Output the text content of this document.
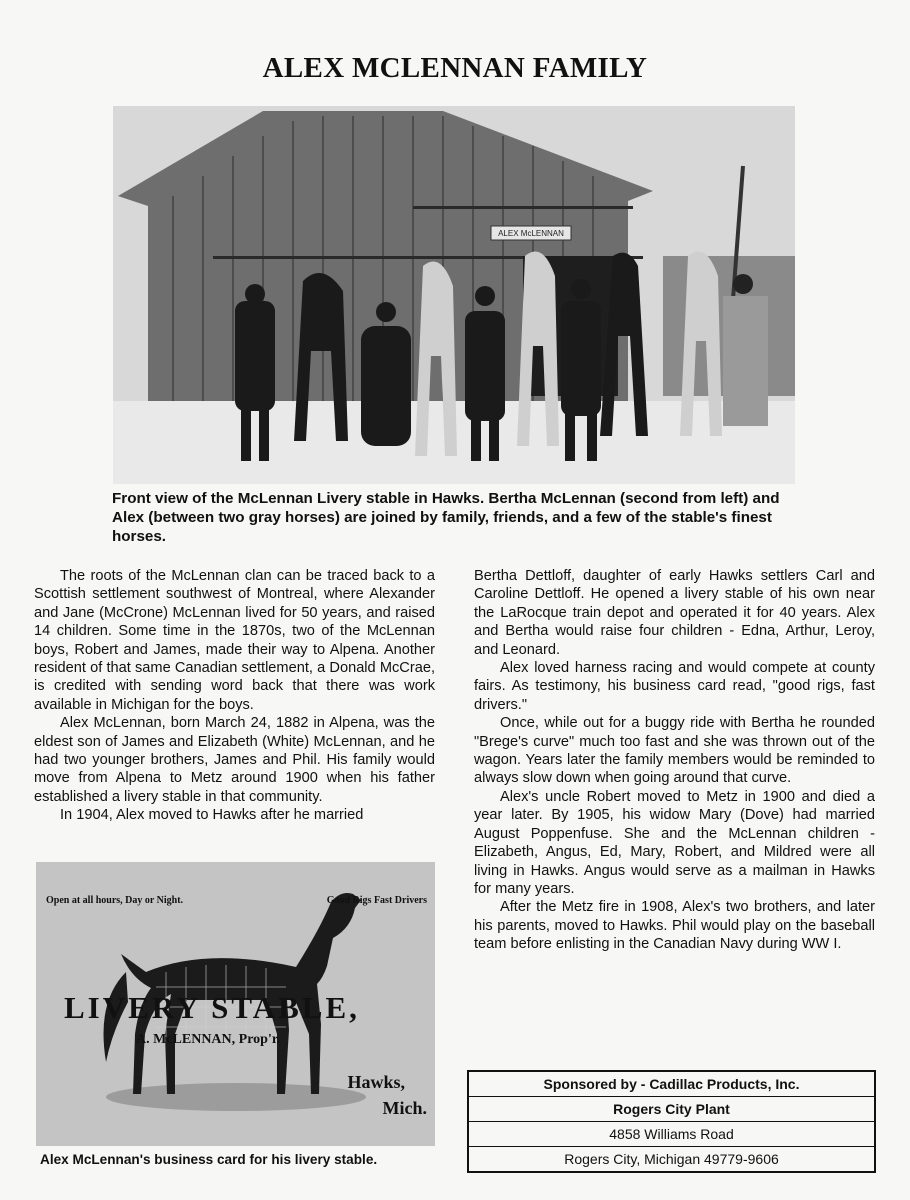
ALEX MCLENNAN FAMILY
ALEX McLENNAN
Front view of the McLennan Livery stable in Hawks. Bertha McLennan (second from left) and Alex (between two gray horses) are joined by family, friends, and a few of the stable's finest horses.

The roots of the McLennan clan can be traced back to a Scottish settlement southwest of Montreal, where Alexander and Jane (McCrone) McLennan lived for 50 years, and raised 14 children. Some time in the 1870s, two of the McLennan boys, Robert and James, made their way to Alpena. Another resident of that same Canadian settlement, a Donald McCrae, is credited with sending word back that there was work available in Michigan for the boys.

Alex McLennan, born March 24, 1882 in Alpena, was the eldest son of James and Elizabeth (White) McLennan, and he had two younger brothers, James and Phil. His family would move from Alpena to Metz around 1900 when his father established a livery stable in that community.

In 1904, Alex moved to Hawks after he married

Bertha Dettloff, daughter of early Hawks settlers Carl and Caroline Dettloff. He opened a livery stable of his own near the LaRocque train depot and operated it for 40 years. Alex and Bertha would raise four children - Edna, Arthur, Leroy, and Leonard.

Alex loved harness racing and would compete at county fairs. As testimony, his business card read, "good rigs, fast drivers."

Once, while out for a buggy ride with Bertha he rounded "Brege's curve" much too fast and she was thrown out of the wagon. Years later the family members would be reminded to always slow down when going around that curve.

Alex's uncle Robert moved to Metz in 1900 and died a year later. By 1905, his widow Mary (Dove) had married August Poppenfuse. She and the McLennan children - Elizabeth, Angus, Ed, Mary, Robert, and Mildred were all living in Hawks. Angus would serve as a mailman in Hawks for many years.

After the Metz fire in 1908, Alex's two brothers, and later his parents, moved to Hawks. Phil would play on the baseball team before enlisting in the Canadian Navy during WW I.

Open at all hours, Day or Night.	Good Rigs Fast Drivers
LIVERY STABLE,
A. McLENNAN, Prop'r.
Hawks,
Mich.
Alex McLennan's business card for his livery stable.
Sponsored by - Cadillac Products, Inc.
Rogers City Plant
4858 Williams Road
Rogers City, Michigan 49779-9606
